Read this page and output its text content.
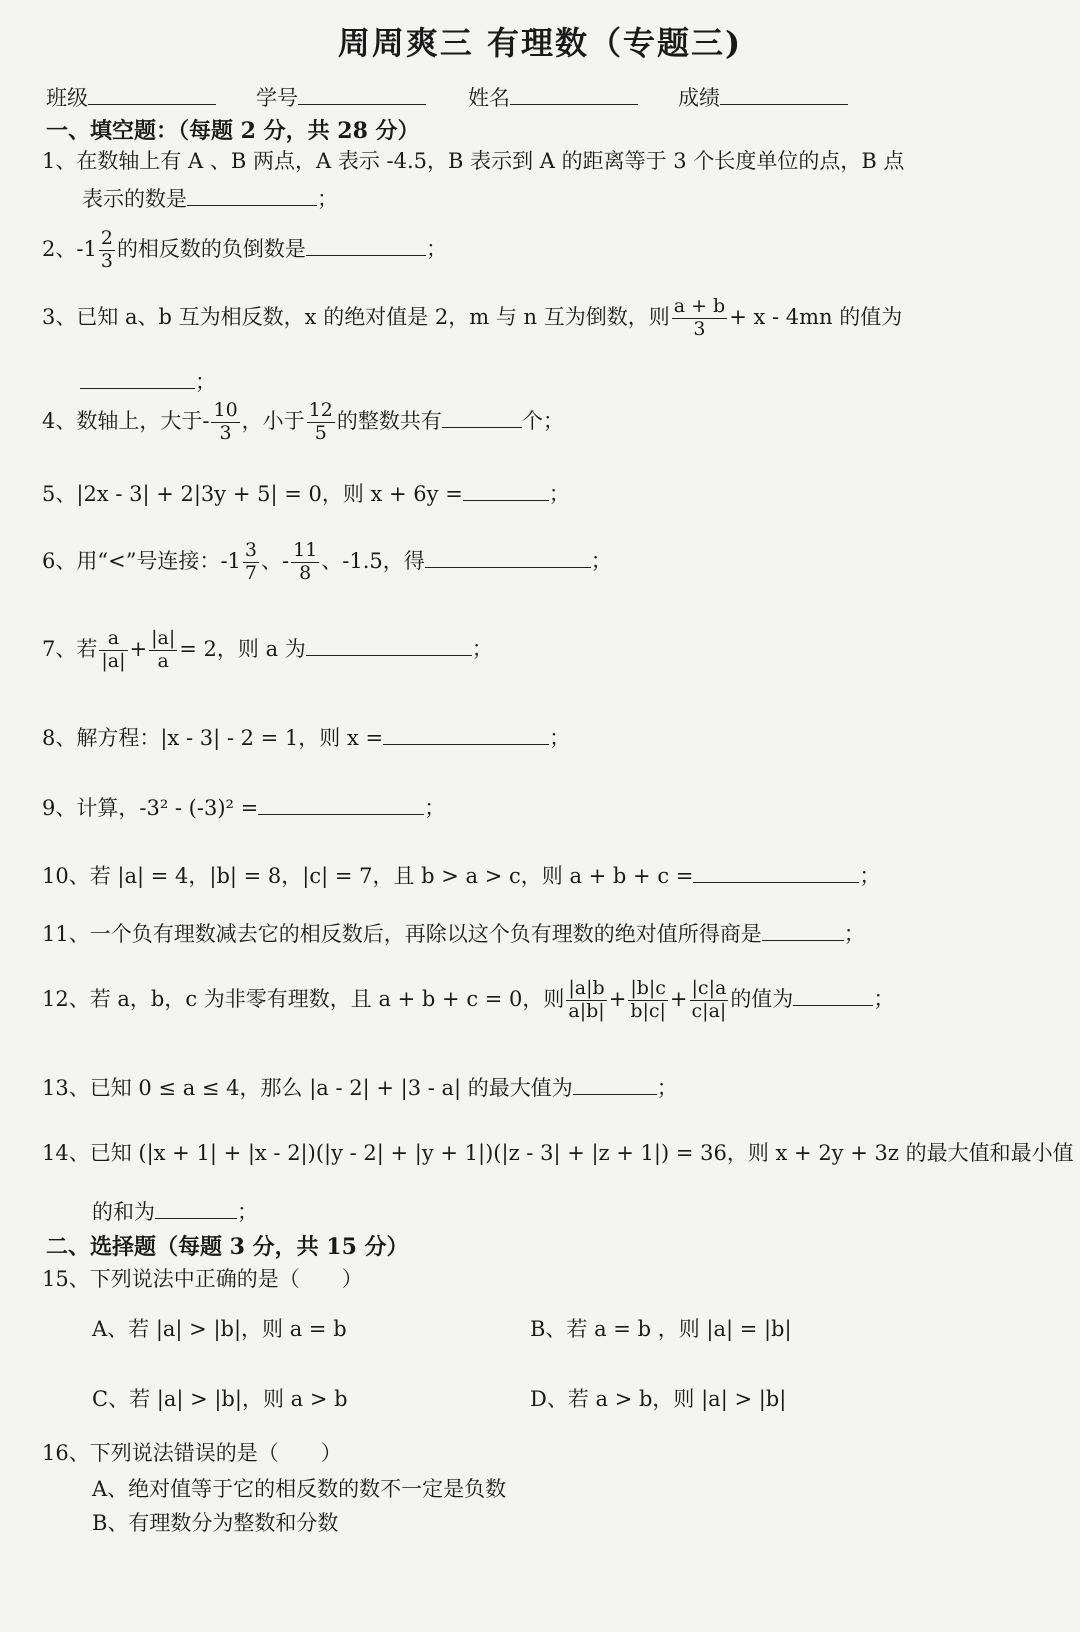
周周爽三 有理数（专题三)
班级	学号	姓名	成绩
一、填空题：（每题 2 分，共 28 分）
1、在数轴上有 A 、B 两点，A 表示 -4.5，B 表示到 A 的距离等于 3 个长度单位的点，B 点
表示的数是	；
2、$-1 \frac{2}{3}$ 的相反数的负倒数是	；
3、已知 a、b 互为相反数，x 的绝对值是 2，m 与 n 互为倒数，则 $\frac{a + b}{3} + x - 4mn$ 的值为
；
4、数轴上，大于- $\frac{10}{3}$ ，小于 $\frac{12}{5}$ 的整数共有	个；
5、|2x - 3| + 2|3y + 5| = 0，则 x + 6y =	；
6、用“<”号连接：$-1 \frac{3}{7}$ 、- $\frac{11}{8}$ 、-1.5，得	；
7、若 $\frac{a}{|a|} + \frac{|a|}{a} = 2$，则 a 为	；
8、解方程：|x - 3| - 2 = 1，则 x =	；
9、计算，-3² - (-3)² =	；
10、若 |a| = 4，|b| = 8，|c| = 7，且 b > a > c，则 a + b + c =	；
11、一个负有理数减去它的相反数后，再除以这个负有理数的绝对值所得商是	；
12、若 a，b，c 为非零有理数，且 a + b + c = 0，则 $\frac{|a|b}{a|b|} + \frac{|b|c}{b|c|} + \frac{|c|a}{c|a|}$ 的值为	；
13、已知 0 ≤ a ≤ 4，那么 |a - 2| + |3 - a| 的最大值为	；
14、已知 (|x + 1| + |x - 2|)(|y - 2| + |y + 1|)(|z - 3| + |z + 1|) = 36，则 x + 2y + 3z 的最大值和最小值
的和为	；
二、选择题（每题 3 分，共 15 分）
15、下列说法中正确的是（　　）
A、若 |a| > |b|，则 a = b	B、若 a = b ，则 |a| = |b|
C、若 |a| > |b|，则 a > b	D、若 a > b，则 |a| > |b|
16、下列说法错误的是（　　）
A、绝对值等于它的相反数的数不一定是负数
B、有理数分为整数和分数
